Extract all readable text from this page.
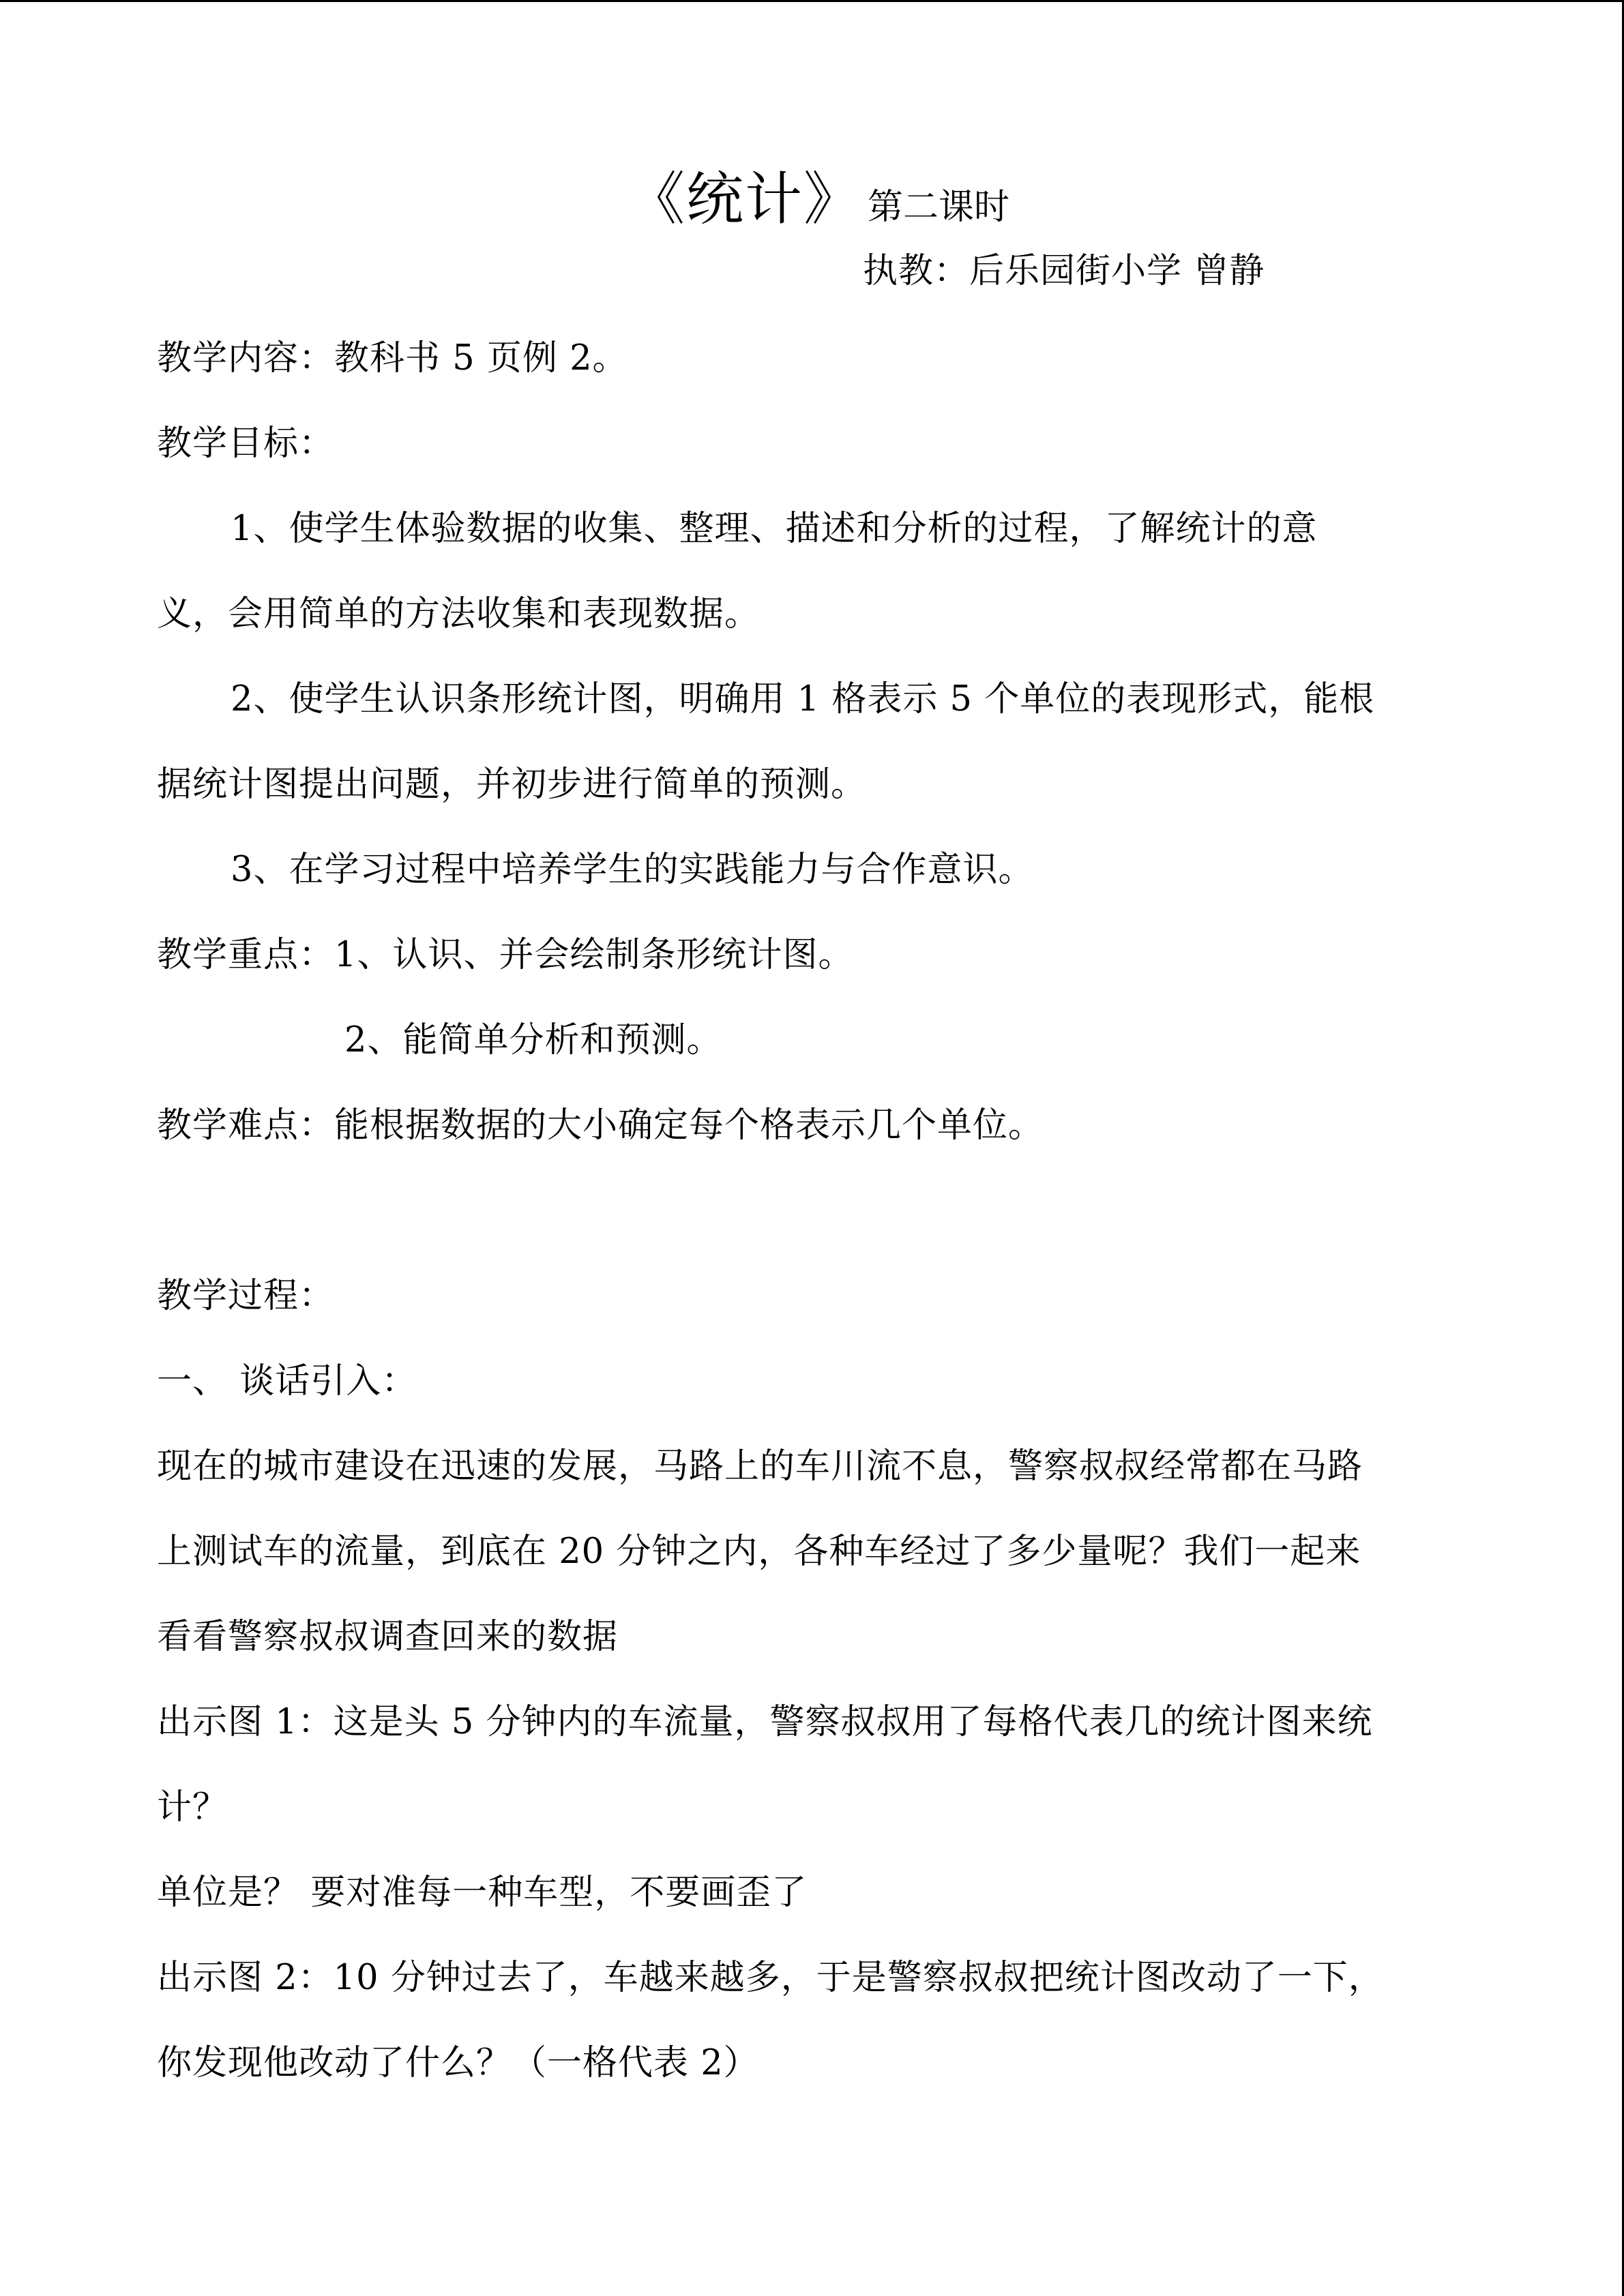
《统计》 第二课时
执教：后乐园街小学 曾静
教学内容：教科书 5 页例 2。
教学目标：
1、使学生体验数据的收集、整理、描述和分析的过程，了解统计的意
义，会用简单的方法收集和表现数据。
2、使学生认识条形统计图，明确用 1 格表示 5 个单位的表现形式，能根
据统计图提出问题，并初步进行简单的预测。
3、在学习过程中培养学生的实践能力与合作意识。
教学重点：1、认识、并会绘制条形统计图。
2、能简单分析和预测。
教学难点：能根据数据的大小确定每个格表示几个单位。
教学过程：
一、 谈话引入：
现在的城市建设在迅速的发展，马路上的车川流不息，警察叔叔经常都在马路
上测试车的流量，到底在 20 分钟之内，各种车经过了多少量呢？我们一起来
看看警察叔叔调查回来的数据
出示图 1：这是头 5 分钟内的车流量，警察叔叔用了每格代表几的统计图来统
计？
单位是？ 要对准每一种车型，不要画歪了
出示图 2：10 分钟过去了，车越来越多，于是警察叔叔把统计图改动了一下，
你发现他改动了什么？（一格代表 2）
